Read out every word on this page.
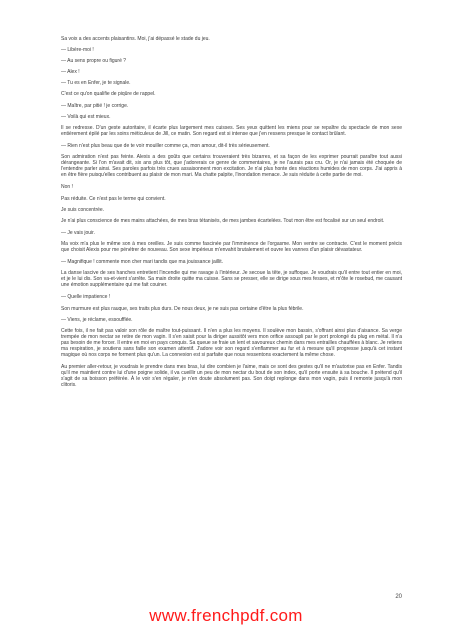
Sa voix a des accents plaisantins. Moi, j'ai dépassé le stade du jeu.

— Libère-moi !

— Au sens propre ou figuré ?

— Alex !

— Tu es en Enfer, je te signale.

C'est ce qu'on qualifie de piqûre de rappel.

— Maître, par pitié ! je corrige.

— Voilà qui est mieux.

Il se redresse. D'un geste autoritaire, il écarte plus largement mes cuisses. Ses yeux quittent les miens pour se repaître du spectacle de mon sexe entièrement épilé par les soins méticuleux de Jill, ce matin. Son regard est si intense que j'en ressens presque le contact brûlant.

— Rien n'est plus beau que de te voir mouiller comme ça, mon amour, dit-il très sérieusement.

Son admiration n'est pas feinte. Alexis a des goûts que certains trouveraient très bizarres, et sa façon de les exprimer pourrait paraître tout aussi dérangeante. Si l'on m'avait dit, six ans plus tôt, que j'adorerais ce genre de commentaires, je ne l'aurais pas cru. Or, je n'ai jamais été choquée de l'entendre parler ainsi. Ses paroles parfois très crues assaisonnent mon excitation. Je n'ai plus honte des réactions humides de mon corps. J'ai appris à en être fière puisqu'elles contribuent au plaisir de mon mari. Ma chatte palpite, l'inondation menace. Je suis réduite à cette partie de moi.

Non !

Pas réduite. Ce n'est pas le terme qui convient.

Je suis concentrée.

Je n'ai plus conscience de mes mains attachées, de mes bras tétanisés, de mes jambes écartelées. Tout mon être est focalisé sur un seul endroit.

— Je vais jouir.

Ma voix m'a plus le même son à mes oreilles. Je suis comme fascinée par l'imminence de l'orgasme. Mon ventre se contracte. C'est le moment précis que choisit Alexis pour me pénétrer de nouveau. Son sexe impérieux m'envahit brutalement et ouvre les vannes d'un plaisir dévastateur.

— Magnifique ! commente mon cher mari tandis que ma jouissance jaillit.

La danse lascive de ses hanches entretient l'incendie qui me ravage à l'intérieur. Je secoue la tête, je suffoque. Je voudrais qu'il entre tout entier en moi, et je le lui dis. Son va-et-vient s'arrête. Sa main droite quitte ma cuisse. Sans se presser, elle se dirige sous mes fesses, et m'ôte le rosebud, me causant une émotion supplémentaire qui me fait couiner.

— Quelle impatience !

Son murmure est plus rauque, ses traits plus durs. De nous deux, je ne suis pas certaine d'être la plus fébrile.

— Viens, je réclame, essoufflée.

Cette fois, il ne fait pas valoir son rôle de maître tout-puissant. Il n'en a plus les moyens. Il soulève mon bassin, s'offrant ainsi plus d'aisance. Sa verge trempée de mon nectar se retire de mon vagin. Il s'en saisit pour la diriger aussitôt vers mon orifice assoupli par le port prolongé du plug en métal. Il n'a pas besoin de me forcer. Il entre en moi en pays conquis. Sa queue se fraie un lent et savoureux chemin dans mes entrailles chauffées à blanc. Je retiens ma respiration, je soutiens sans faille son examen attentif. J'adore voir son regard s'enflammer au fur et à mesure qu'il progresse jusqu'à cet instant magique où nos corps ne forment plus qu'un. La connexion est si parfaite que nous ressentons exactement la même chose.

Au premier aller-retour, je voudrais le prendre dans mes bras, lui dire combien je l'aime, mais ce sont des gestes qu'il ne m'autorise pas en Enfer. Tandis qu'il me maintient contre lui d'une poigne solide, il va cueillir un peu de mon nectar du bout de son index, qu'il porte ensuite à sa bouche. Il prétend qu'il s'agit de sa boisson préférée. À le voir s'en régaler, je n'en doute absolument pas. Son doigt replonge dans mon vagin, puis il remonte jusqu'à mon clitoris.

20
www.frenchpdf.com
